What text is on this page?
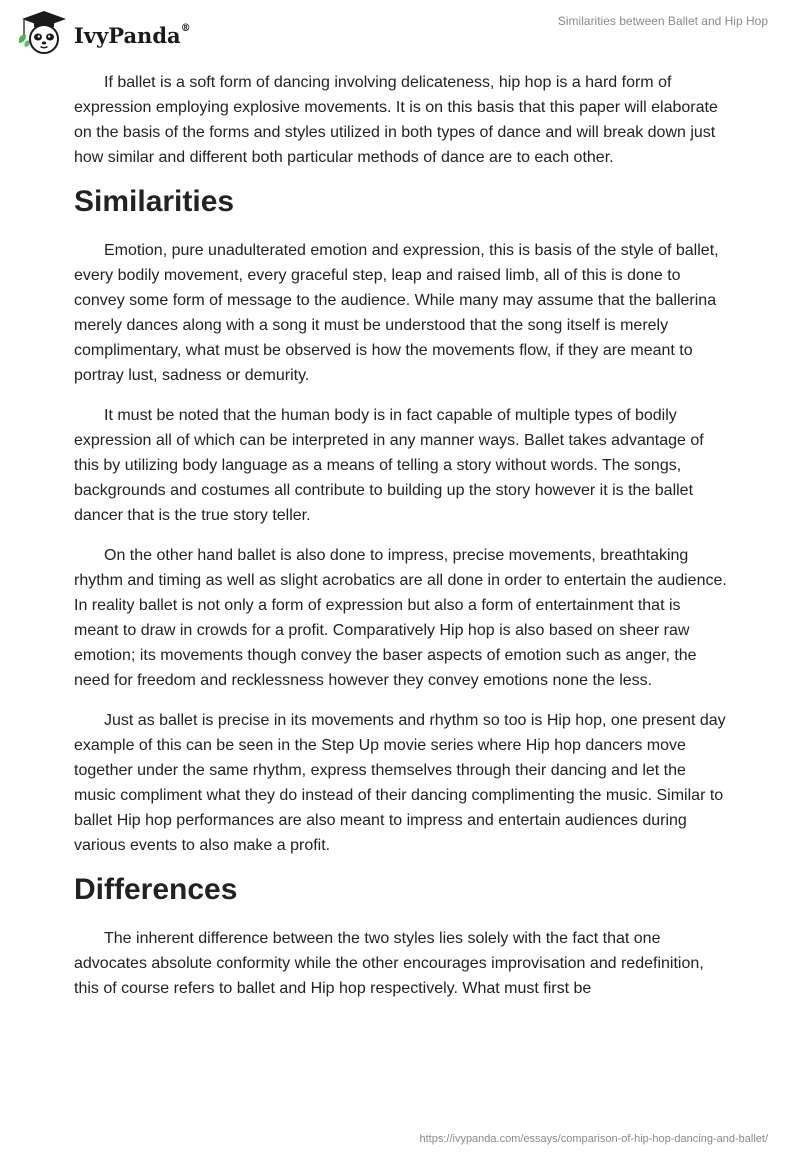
IvyPanda®	Similarities between Ballet and Hip Hop

If ballet is a soft form of dancing involving delicateness, hip hop is a hard form of expression employing explosive movements. It is on this basis that this paper will elaborate on the basis of the forms and styles utilized in both types of dance and will break down just how similar and different both particular methods of dance are to each other.

Similarities

Emotion, pure unadulterated emotion and expression, this is basis of the style of ballet, every bodily movement, every graceful step, leap and raised limb, all of this is done to convey some form of message to the audience. While many may assume that the ballerina merely dances along with a song it must be understood that the song itself is merely complimentary, what must be observed is how the movements flow, if they are meant to portray lust, sadness or demurity.

It must be noted that the human body is in fact capable of multiple types of bodily expression all of which can be interpreted in any manner ways. Ballet takes advantage of this by utilizing body language as a means of telling a story without words. The songs, backgrounds and costumes all contribute to building up the story however it is the ballet dancer that is the true story teller.

On the other hand ballet is also done to impress, precise movements, breathtaking rhythm and timing as well as slight acrobatics are all done in order to entertain the audience. In reality ballet is not only a form of expression but also a form of entertainment that is meant to draw in crowds for a profit. Comparatively Hip hop is also based on sheer raw emotion; its movements though convey the baser aspects of emotion such as anger, the need for freedom and recklessness however they convey emotions none the less.

Just as ballet is precise in its movements and rhythm so too is Hip hop, one present day example of this can be seen in the Step Up movie series where Hip hop dancers move together under the same rhythm, express themselves through their dancing and let the music compliment what they do instead of their dancing complimenting the music. Similar to ballet Hip hop performances are also meant to impress and entertain audiences during various events to also make a profit.

Differences

The inherent difference between the two styles lies solely with the fact that one advocates absolute conformity while the other encourages improvisation and redefinition, this of course refers to ballet and Hip hop respectively. What must first be

https://ivypanda.com/essays/comparison-of-hip-hop-dancing-and-ballet/
